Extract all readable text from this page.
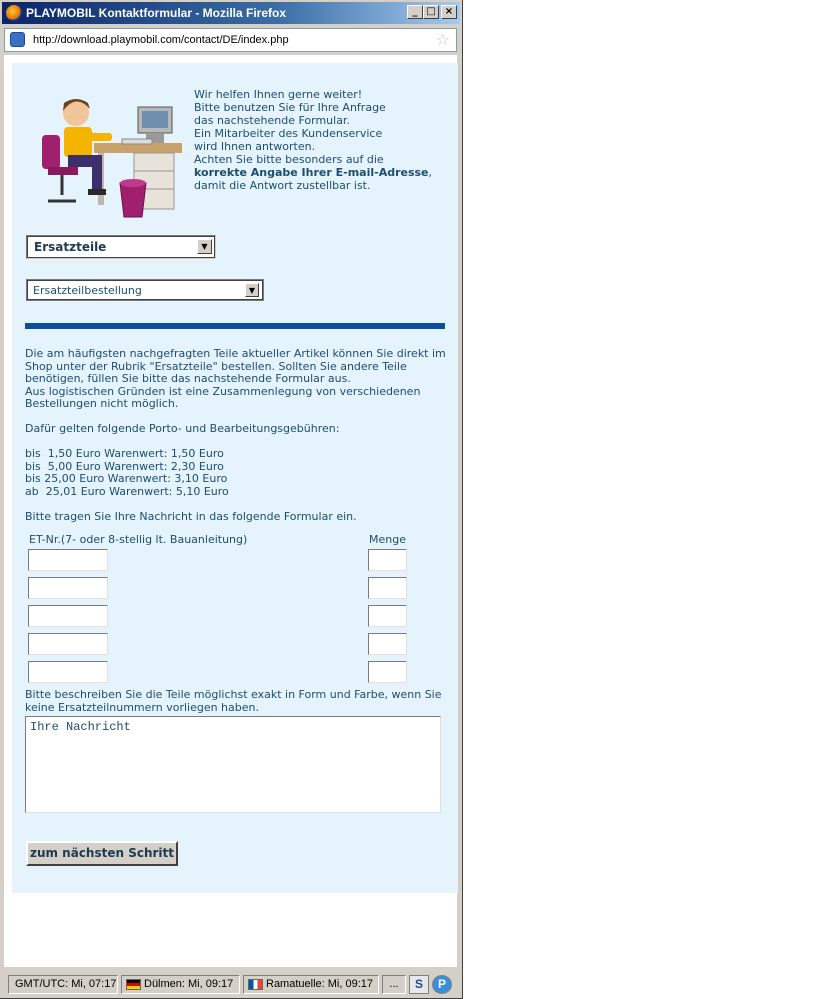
PLAYMOBIL Kontaktformular - Mozilla Firefox	_ □ ×
http://download.playmobil.com/contact/DE/index.php	☆
Wir helfen Ihnen gerne weiter!
Bitte benutzen Sie für Ihre Anfrage
das nachstehende Formular.
Ein Mitarbeiter des Kundenservice
wird Ihnen antworten.
Achten Sie bitte besonders auf die
korrekte Angabe Ihrer E-mail-Adresse, damit die Antwort zustellbar ist.
Ersatzteile	▼
Ersatzteilbestellung	▼

Die am häufigsten nachgefragten Teile aktueller Artikel können Sie direkt im Shop unter der Rubrik "Ersatzteile" bestellen. Sollten Sie andere Teile benötigen, füllen Sie bitte das nachstehende Formular aus.

Aus logistischen Gründen ist eine Zusammenlegung von verschiedenen Bestellungen nicht möglich.

Dafür gelten folgende Porto- und Bearbeitungsgebühren:

bis  1,50 Euro Warenwert: 1,50 Euro
bis  5,00 Euro Warenwert: 2,30 Euro
bis 25,00 Euro Warenwert: 3,10 Euro
ab  25,01 Euro Warenwert: 5,10 Euro

Bitte tragen Sie Ihre Nachricht in das folgende Formular ein.

ET-Nr.(7- oder 8-stellig lt. Bauanleitung)	Menge
Bitte beschreiben Sie die Teile möglichst exakt in Form und Farbe, wenn Sie keine Ersatzteilnummern vorliegen haben.
Ihre Nachricht
zum nächsten Schritt
GMT/UTC: Mi, 07:17	Dülmen: Mi, 09:17	Ramatuelle: Mi, 09:17	...	S	P
